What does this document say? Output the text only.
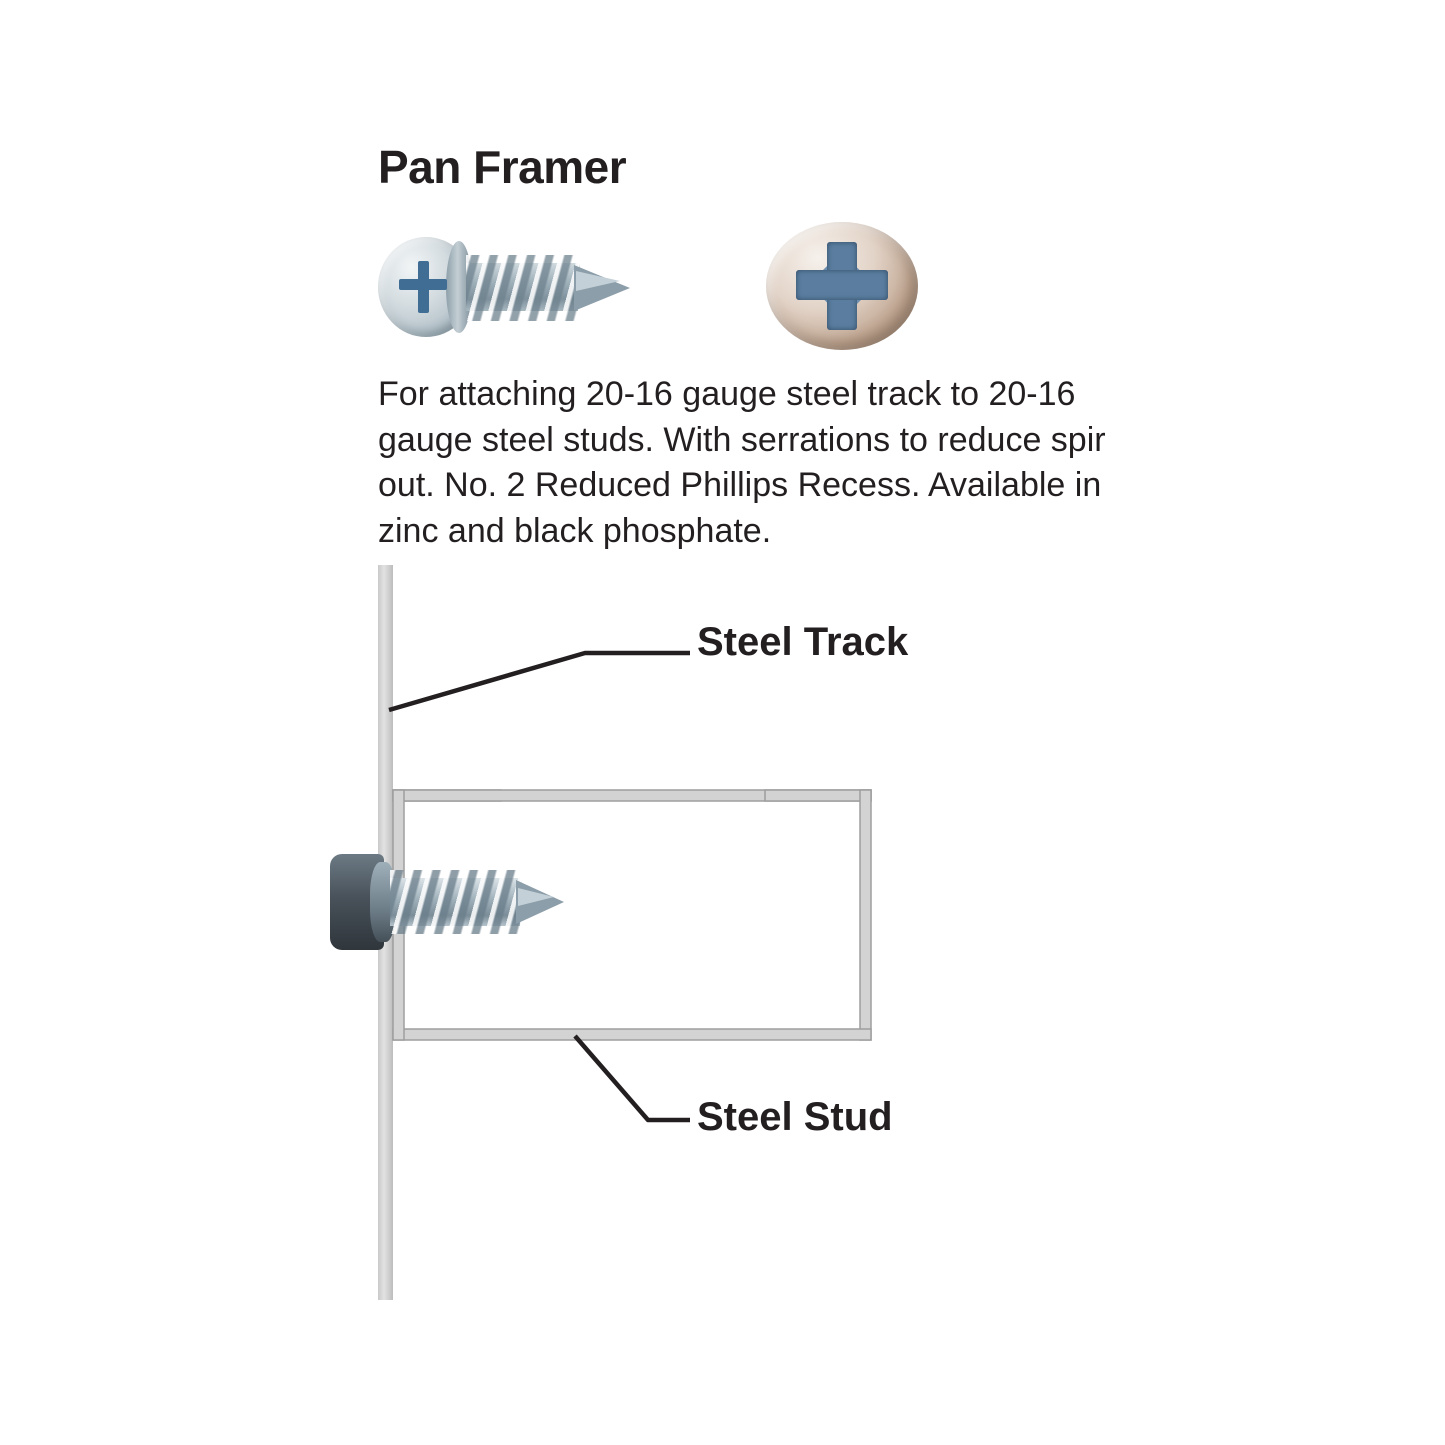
Pan Framer
For attaching 20-16 gauge steel track to 20-16 gauge steel studs. With serrations to reduce spir out. No. 2 Reduced Phillips Recess. Available in zinc and black phosphate.
Steel Track
Steel Stud
